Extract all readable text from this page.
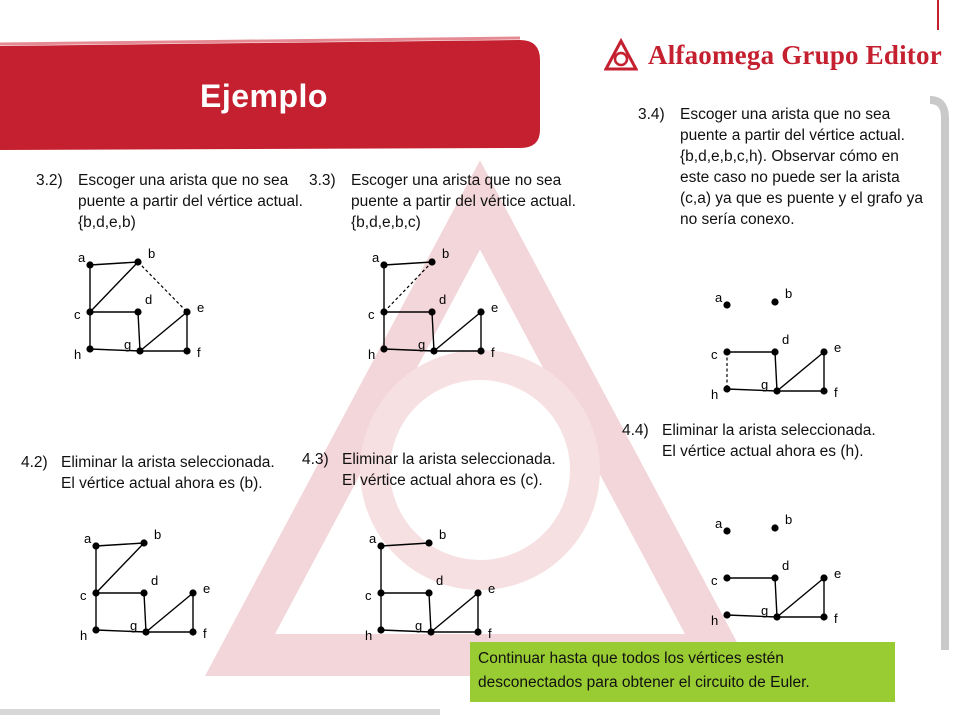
Alfaomega Grupo Editor
Ejemplo
3.2) Escoger una arista que no sea puente a partir del vértice actual. {b,d,e,b)
3.3) Escoger una arista que no sea puente a partir del vértice actual. {b,d,e,b,c)
3.4) Escoger una arista que no sea puente a partir del vértice actual. {b,d,e,b,c,h). Observar cómo en este caso no puede ser la arista (c,a) ya que es puente y el grafo ya no sería conexo.
4.2) Eliminar la arista seleccionada. El vértice actual ahora es (b).
4.3) Eliminar la arista seleccionada. El vértice actual ahora es (c).
4.4) Eliminar la arista seleccionada. El vértice actual ahora es (h).
a	b
c
d
e
f
g
h
a	b
c
d
e
f
g
h
a	b
c
d
e
f
g
h
a	b
c
d
e
f
g
h
a	b
c
d
e
f
g
h
a	b
c
d
e
f
g
h
Continuar hasta que todos los vértices estén desconectados para obtener el circuito de Euler.
